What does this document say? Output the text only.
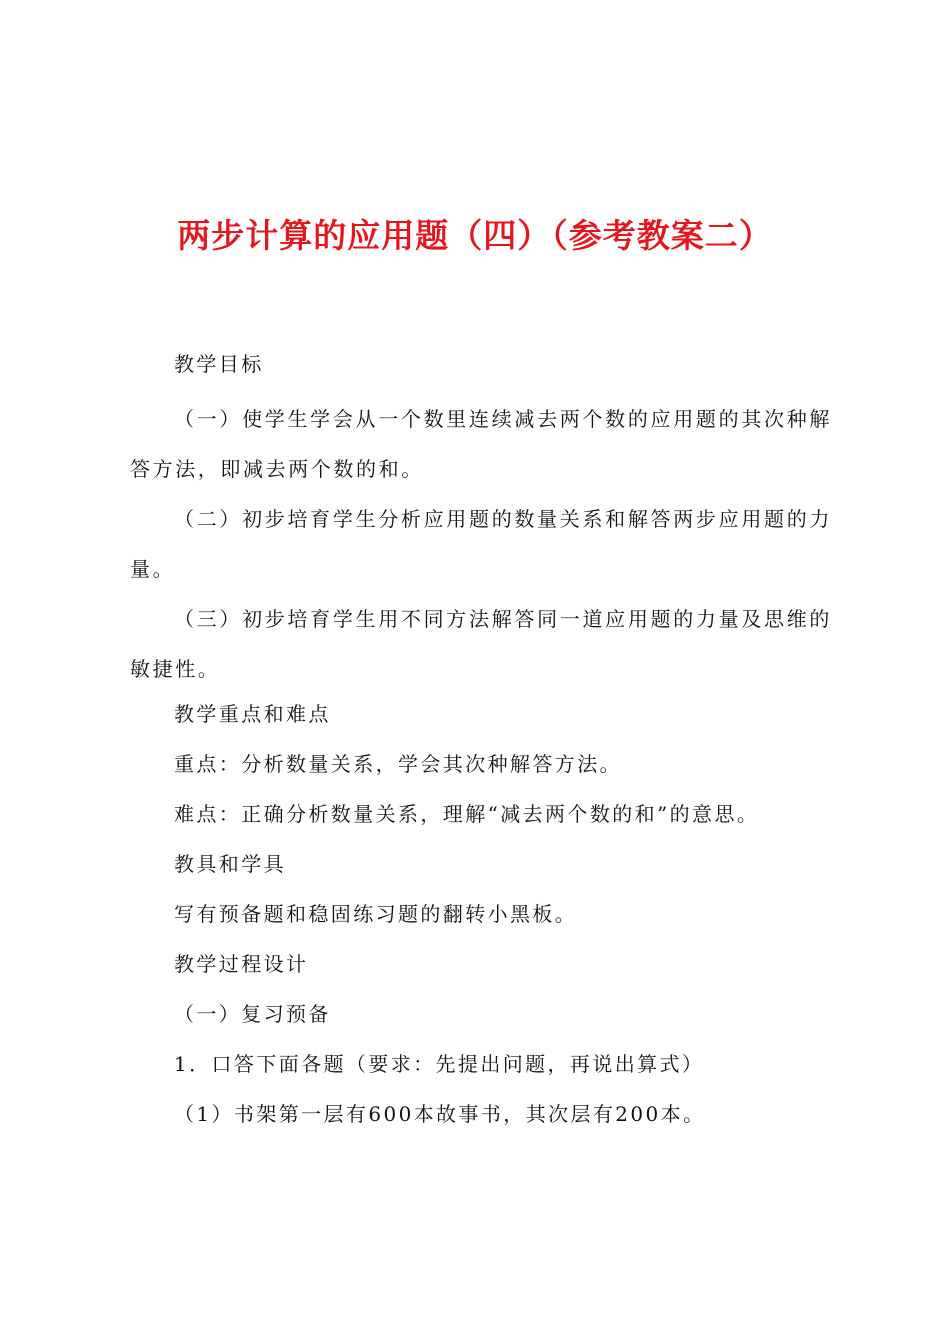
两步计算的应用题（四）（参考教案二）
教学目标

（一）使学生学会从一个数里连续减去两个数的应用题的其次种解答方法，即减去两个数的和。

（二）初步培育学生分析应用题的数量关系和解答两步应用题的力量。

（三）初步培育学生用不同方法解答同一道应用题的力量及思维的敏捷性。

教学重点和难点
重点：分析数量关系，学会其次种解答方法。
难点：正确分析数量关系，理解“减去两个数的和”的意思。
教具和学具
写有预备题和稳固练习题的翻转小黑板。
教学过程设计
（一）复习预备
1．口答下面各题（要求：先提出问题，再说出算式）
（1）书架第一层有600本故事书，其次层有200本。
